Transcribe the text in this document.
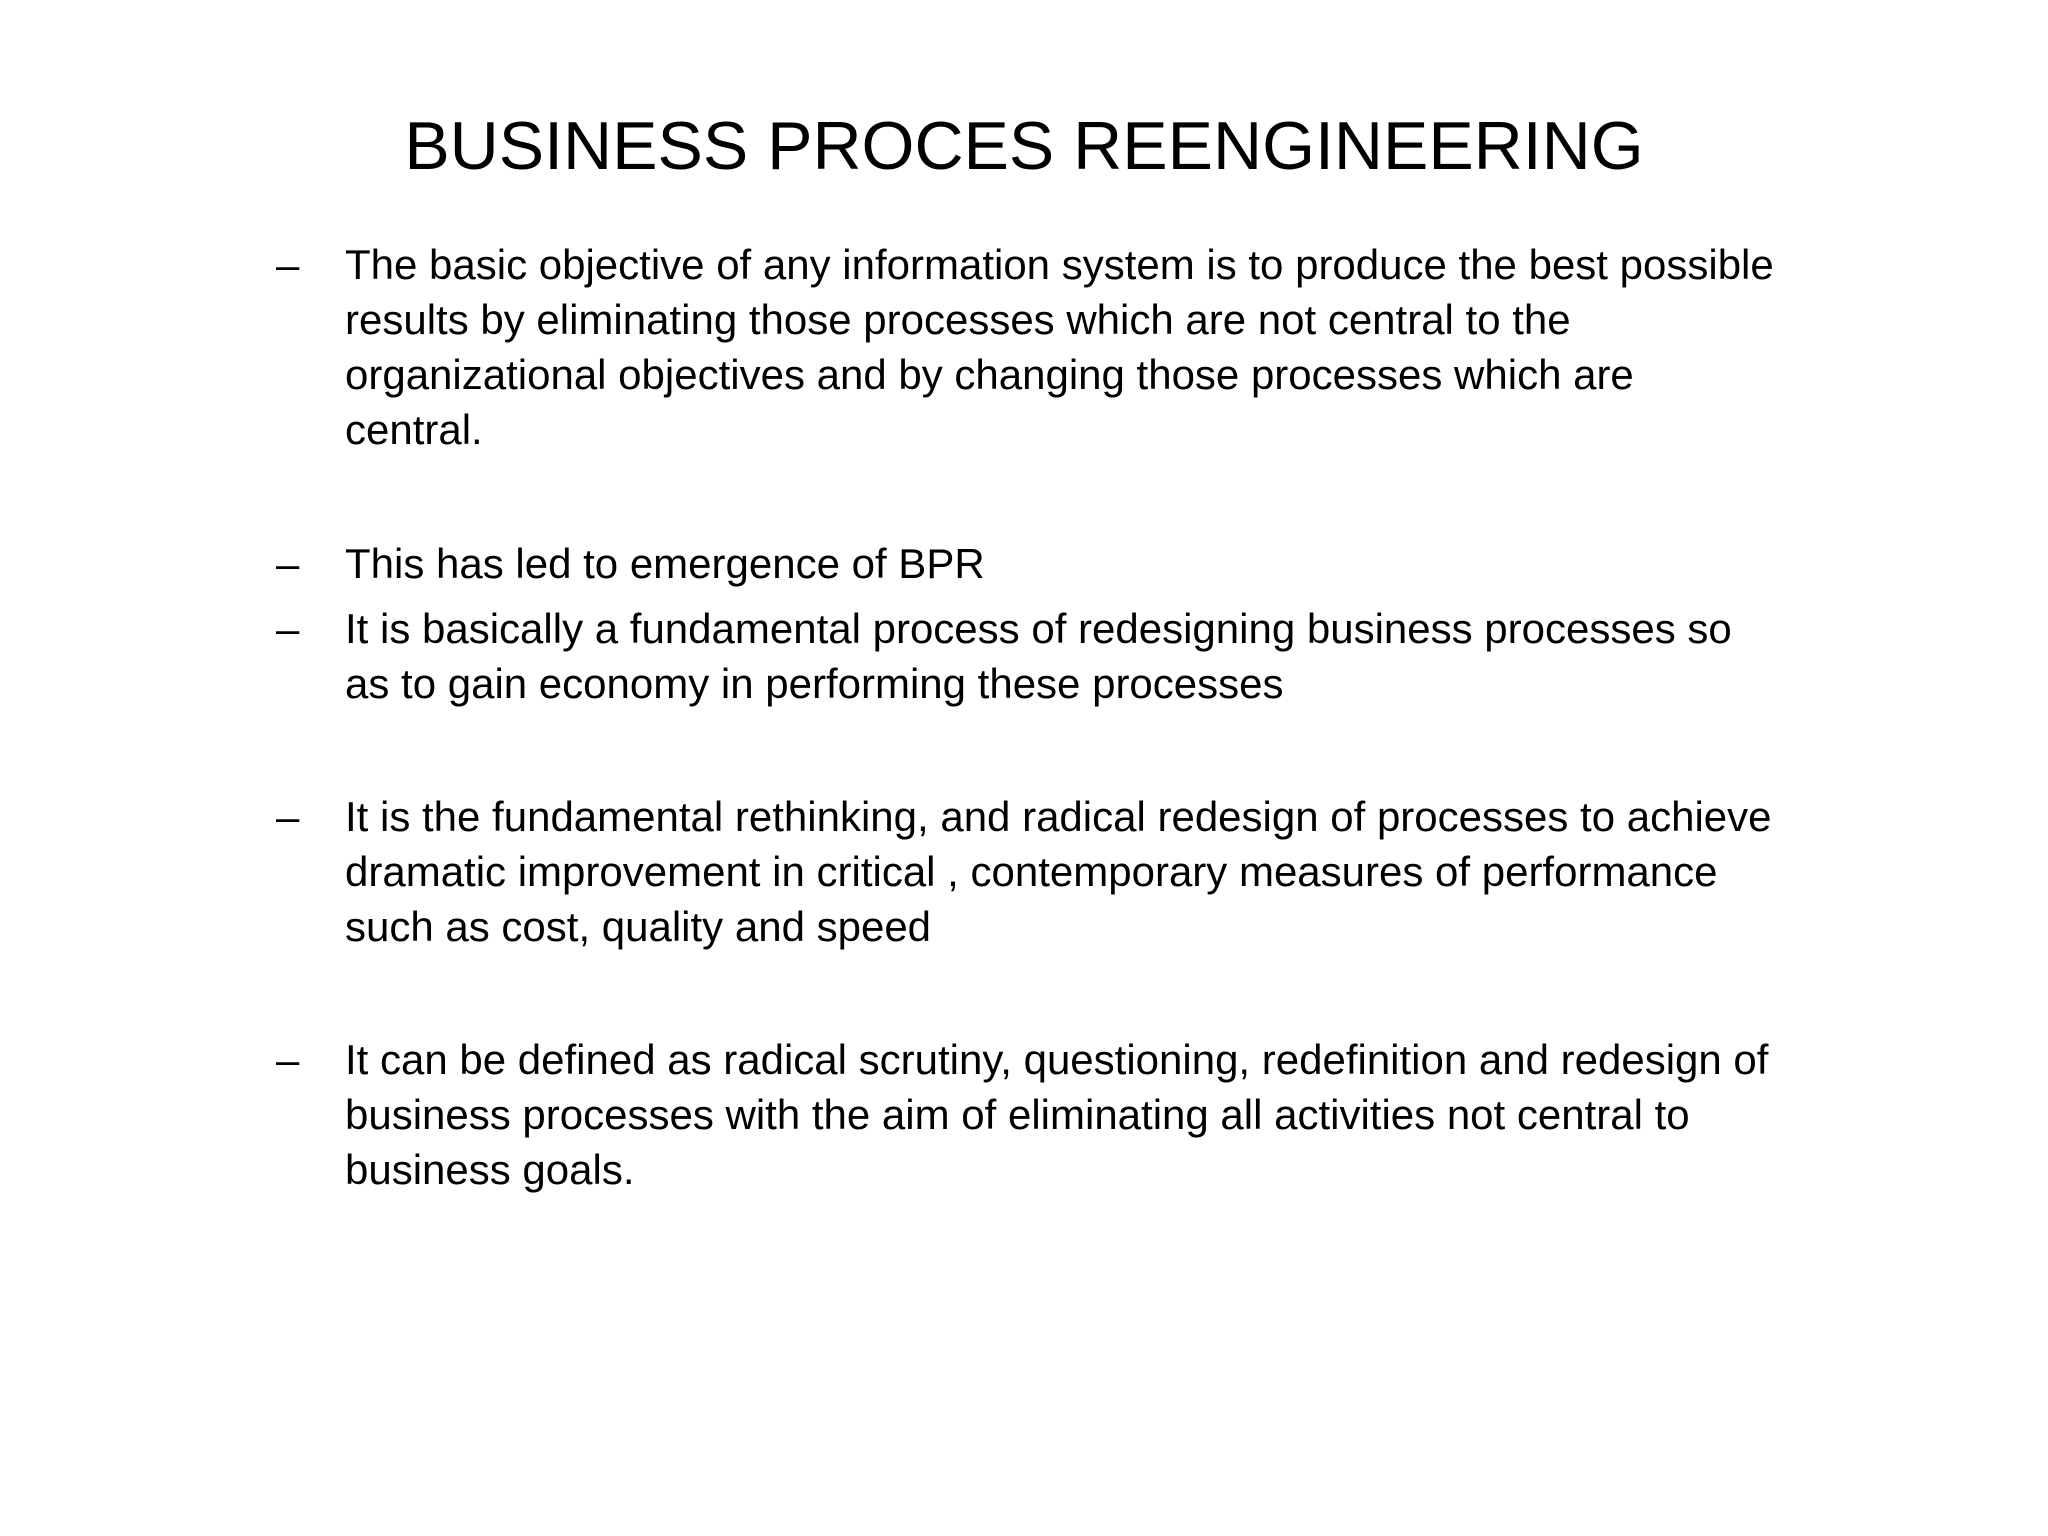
BUSINESS PROCES REENGINEERING
–	The basic objective of any information system is to produce the best possible
results by eliminating those processes which are not central to the
organizational objectives and by changing those processes which are
central.
–	This has led to emergence of BPR
–	It is basically a fundamental process of redesigning business processes so
as to gain economy in performing these processes
–	It is the fundamental rethinking, and radical redesign of processes to achieve
dramatic improvement in critical , contemporary measures of performance
such as cost, quality and speed
–	It can be defined as radical scrutiny, questioning, redefinition and redesign of
business processes with the aim of eliminating all activities not central to
business goals.
